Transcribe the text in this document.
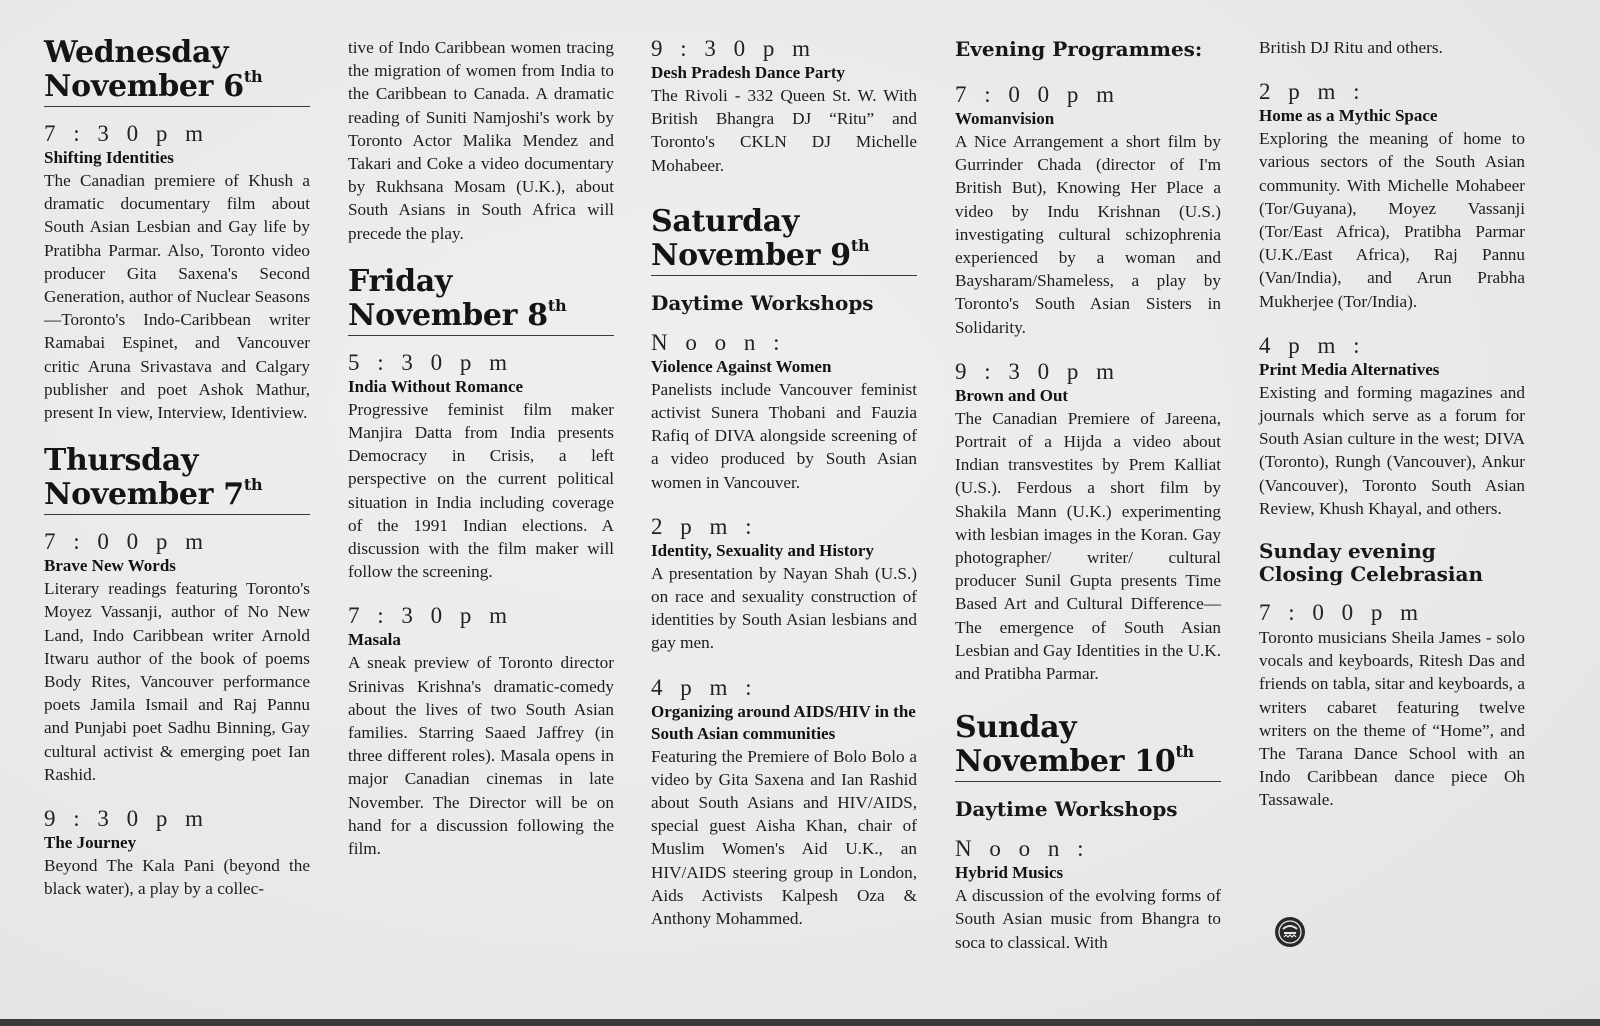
Wednesday
November 6th
7 : 3 0 p m
Shifting Identities

The Canadian premiere of Khush a dramatic documentary film about South Asian Lesbian and Gay life by Pratibha Parmar. Also, Toronto video producer Gita Saxena's Second Generation, author of Nuclear Seasons—Toronto's Indo-Caribbean writer Ramabai Espinet, and Vancouver critic Aruna Srivastava and Calgary publisher and poet Ashok Mathur, present In view, Interview, Identiview.

Thursday
November 7th
7 : 0 0 p m
Brave New Words

Literary readings featuring Toronto's Moyez Vassanji, author of No New Land, Indo Caribbean writer Arnold Itwaru author of the book of poems Body Rites, Vancouver performance poets Jamila Ismail and Raj Pannu and Punjabi poet Sadhu Binning, Gay cultural activist & emerging poet Ian Rashid.

9 : 3 0 p m
The Journey

Beyond The Kala Pani (beyond the black water), a play by a collec-

tive of Indo Caribbean women tracing the migration of women from India to the Caribbean to Canada. A dramatic reading of Suniti Namjoshi's work by Toronto Actor Malika Mendez and Takari and Coke a video documentary by Rukhsana Mosam (U.K.), about South Asians in South Africa will precede the play.

Friday
November 8th
5 : 3 0 p m
India Without Romance

Progressive feminist film maker Manjira Datta from India presents Democracy in Crisis, a left perspective on the current political situation in India including coverage of the 1991 Indian elections. A discussion with the film maker will follow the screening.

7 : 3 0 p m
Masala

A sneak preview of Toronto director Srinivas Krishna's dramatic-comedy about the lives of two South Asian families. Starring Saaed Jaffrey (in three different roles). Masala opens in major Canadian cinemas in late November. The Director will be on hand for a discussion following the film.

9 : 3 0 p m
Desh Pradesh Dance Party

The Rivoli - 332 Queen St. W. With British Bhangra DJ “Ritu” and Toronto's CKLN DJ Michelle Mohabeer.

Saturday
November 9th
Daytime Workshops
N o o n :
Violence Against Women

Panelists include Vancouver feminist activist Sunera Thobani and Fauzia Rafiq of DIVA alongside screening of a video produced by South Asian women in Vancouver.

2 p m :
Identity, Sexuality and History

A presentation by Nayan Shah (U.S.) on race and sexuality construction of identities by South Asian lesbians and gay men.

4 p m :
Organizing around AIDS/HIV in the South Asian communities

Featuring the Premiere of Bolo Bolo a video by Gita Saxena and Ian Rashid about South Asians and HIV/AIDS, special guest Aisha Khan, chair of Muslim Women's Aid U.K., an HIV/AIDS steering group in London, Aids Activists Kalpesh Oza & Anthony Mohammed.

Evening Programmes:
7 : 0 0 p m
Womanvision

A Nice Arrangement a short film by Gurrinder Chada (director of I'm British But), Knowing Her Place a video by Indu Krishnan (U.S.) investigating cultural schizophrenia experienced by a woman and Baysharam/Shameless, a play by Toronto's South Asian Sisters in Solidarity.

9 : 3 0 p m
Brown and Out

The Canadian Premiere of Jareena, Portrait of a Hijda a video about Indian transvestites by Prem Kalliat (U.S.). Ferdous a short film by Shakila Mann (U.K.) experimenting with lesbian images in the Koran. Gay photographer/ writer/ cultural producer Sunil Gupta presents Time Based Art and Cultural Difference—The emergence of South Asian Lesbian and Gay Identities in the U.K. and Pratibha Parmar.

Sunday
November 10th
Daytime Workshops
N o o n :
Hybrid Musics

A discussion of the evolving forms of South Asian music from Bhangra to soca to classical. With

British DJ Ritu and others.

2 p m :
Home as a Mythic Space

Exploring the meaning of home to various sectors of the South Asian community. With Michelle Mohabeer (Tor/Guyana), Moyez Vassanji (Tor/East Africa), Pratibha Parmar (U.K./East Africa), Raj Pannu (Van/India), and Arun Prabha Mukherjee (Tor/India).

4 p m :
Print Media Alternatives

Existing and forming magazines and journals which serve as a forum for South Asian culture in the west; DIVA (Toronto), Rungh (Vancouver), Ankur (Vancouver), Toronto South Asian Review, Khush Khayal, and others.

Sunday evening Closing Celebrasian
7 : 0 0 p m

Toronto musicians Sheila James - solo vocals and keyboards, Ritesh Das and friends on tabla, sitar and keyboards, a writers cabaret featuring twelve writers on the theme of “Home”, and The Tarana Dance School with an Indo Caribbean dance piece Oh Tassawale.
